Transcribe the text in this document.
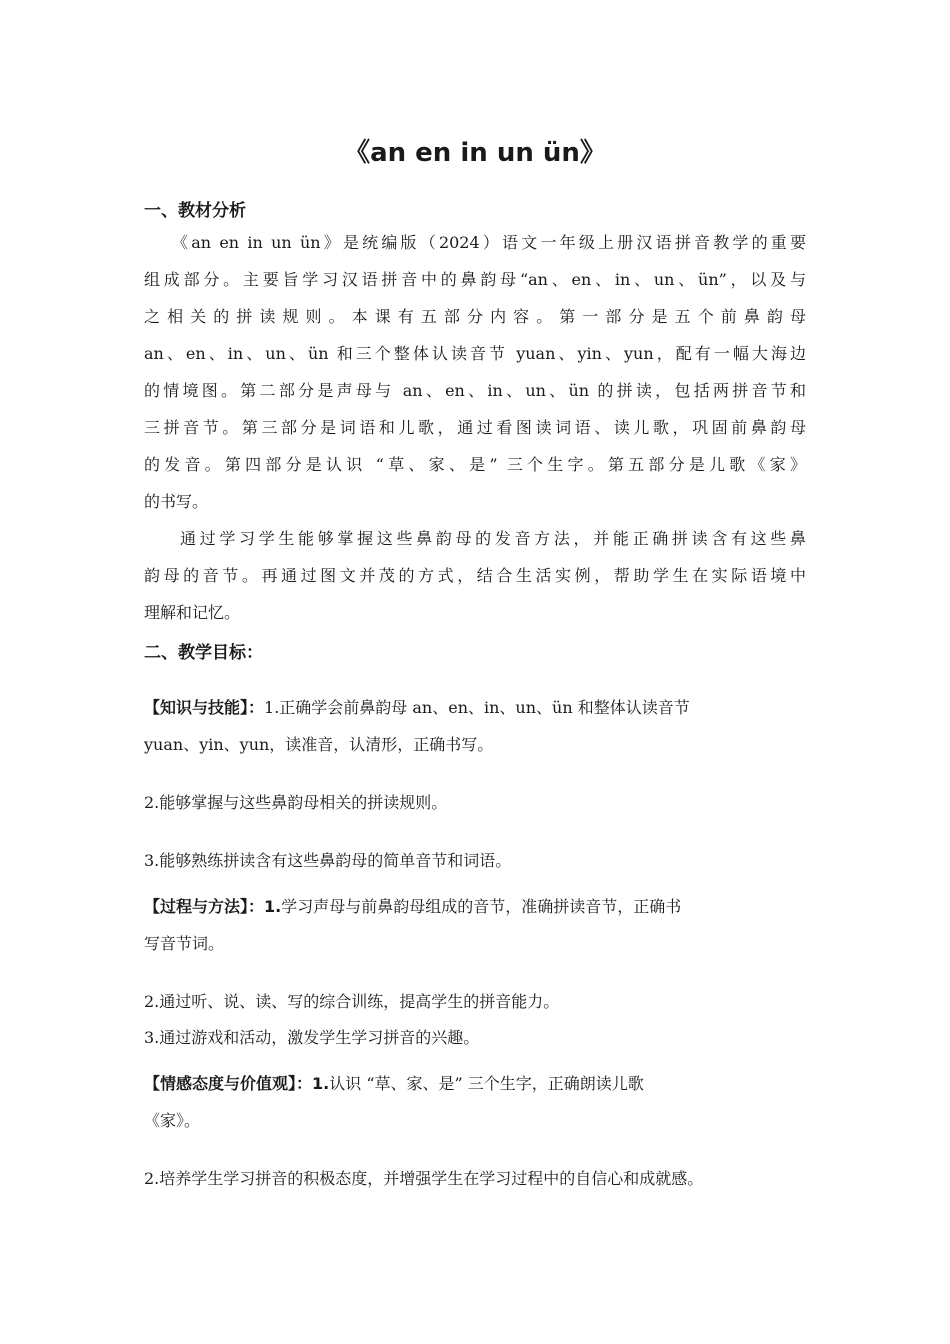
《an en in un ün》
一、教材分析
《an en in un ün》是统编版（2024）语文一年级上册汉语拼音教学的重要
组成部分。主要旨学习汉语拼音中的鼻韵母“an、en、in、un、ün”，以及与
之相关的拼读规则。本课有五部分内容。第一部分是五个前鼻韵母
an、en、in、un、ün 和三个整体认读音节 yuan、yin、yun，配有一幅大海边
的情境图。第二部分是声母与 an、en、in、un、ün 的拼读，包括两拼音节和
三拼音节。第三部分是词语和儿歌，通过看图读词语、读儿歌，巩固前鼻韵母
的发音。第四部分是认识 “草、家、是” 三个生字。第五部分是儿歌《家》
的书写。
通过学习学生能够掌握这些鼻韵母的发音方法，并能正确拼读含有这些鼻
韵母的音节。再通过图文并茂的方式，结合生活实例，帮助学生在实际语境中
理解和记忆。
二、教学目标：
【知识与技能】：1.正确学会前鼻韵母 an、en、in、un、ün 和整体认读音节
yuan、yin、yun，读准音，认清形，正确书写。
2.能够掌握与这些鼻韵母相关的拼读规则。
3.能够熟练拼读含有这些鼻韵母的简单音节和词语。
【过程与方法】：1.学习声母与前鼻韵母组成的音节，准确拼读音节，正确书
写音节词。
2.通过听、说、读、写的综合训练，提高学生的拼音能力。
3.通过游戏和活动，激发学生学习拼音的兴趣。
【情感态度与价值观】：1.认识 “草、家、是” 三个生字，正确朗读儿歌
《家》。
2.培养学生学习拼音的积极态度，并增强学生在学习过程中的自信心和成就感。
